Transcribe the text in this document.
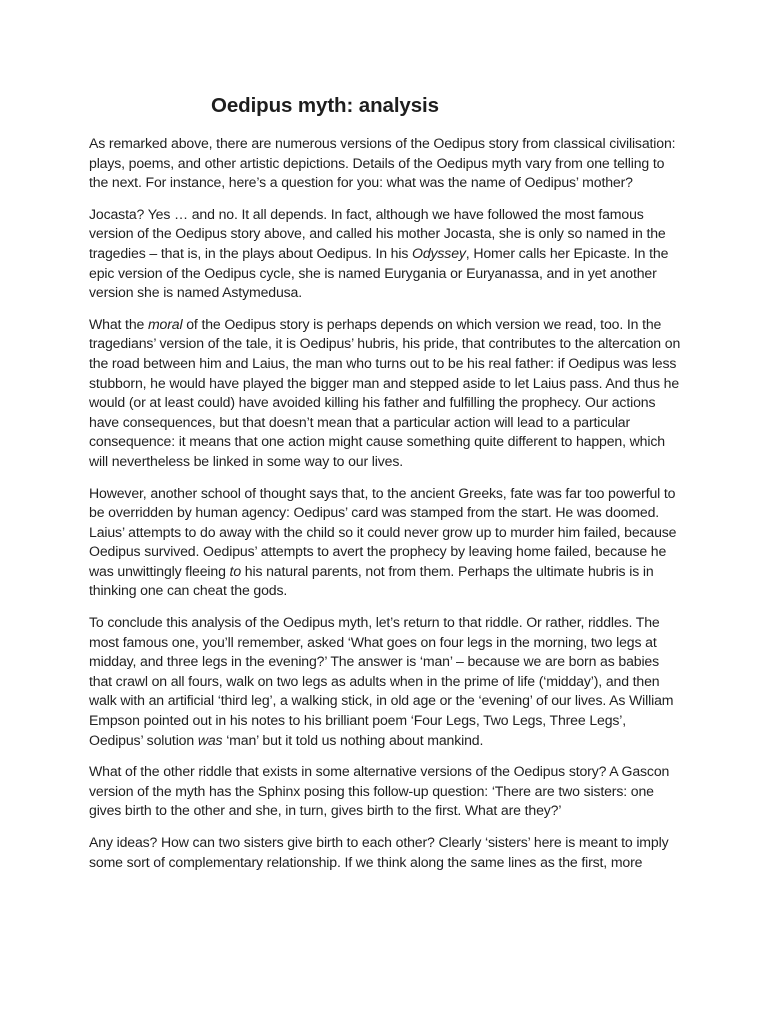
Oedipus myth: analysis

As remarked above, there are numerous versions of the Oedipus story from classical civilisation: plays, poems, and other artistic depictions. Details of the Oedipus myth vary from one telling to the next. For instance, here’s a question for you: what was the name of Oedipus’ mother?

Jocasta? Yes … and no. It all depends. In fact, although we have followed the most famous version of the Oedipus story above, and called his mother Jocasta, she is only so named in the tragedies – that is, in the plays about Oedipus. In his Odyssey, Homer calls her Epicaste. In the epic version of the Oedipus cycle, she is named Eurygania or Euryanassa, and in yet another version she is named Astymedusa.

What the moral of the Oedipus story is perhaps depends on which version we read, too. In the tragedians’ version of the tale, it is Oedipus’ hubris, his pride, that contributes to the altercation on the road between him and Laius, the man who turns out to be his real father: if Oedipus was less stubborn, he would have played the bigger man and stepped aside to let Laius pass. And thus he would (or at least could) have avoided killing his father and fulfilling the prophecy. Our actions have consequences, but that doesn’t mean that a particular action will lead to a particular consequence: it means that one action might cause something quite different to happen, which will nevertheless be linked in some way to our lives.

However, another school of thought says that, to the ancient Greeks, fate was far too powerful to be overridden by human agency: Oedipus’ card was stamped from the start. He was doomed. Laius’ attempts to do away with the child so it could never grow up to murder him failed, because Oedipus survived. Oedipus’ attempts to avert the prophecy by leaving home failed, because he was unwittingly fleeing to his natural parents, not from them. Perhaps the ultimate hubris is in thinking one can cheat the gods.

To conclude this analysis of the Oedipus myth, let’s return to that riddle. Or rather, riddles. The most famous one, you’ll remember, asked ‘What goes on four legs in the morning, two legs at midday, and three legs in the evening?’ The answer is ‘man’ – because we are born as babies that crawl on all fours, walk on two legs as adults when in the prime of life (‘midday’), and then walk with an artificial ‘third leg’, a walking stick, in old age or the ‘evening’ of our lives. As William Empson pointed out in his notes to his brilliant poem ‘Four Legs, Two Legs, Three Legs’, Oedipus’ solution was ‘man’ but it told us nothing about mankind.

What of the other riddle that exists in some alternative versions of the Oedipus story? A Gascon version of the myth has the Sphinx posing this follow-up question: ‘There are two sisters: one gives birth to the other and she, in turn, gives birth to the first. What are they?’

Any ideas? How can two sisters give birth to each other? Clearly ‘sisters’ here is meant to imply some sort of complementary relationship. If we think along the same lines as the first, more
